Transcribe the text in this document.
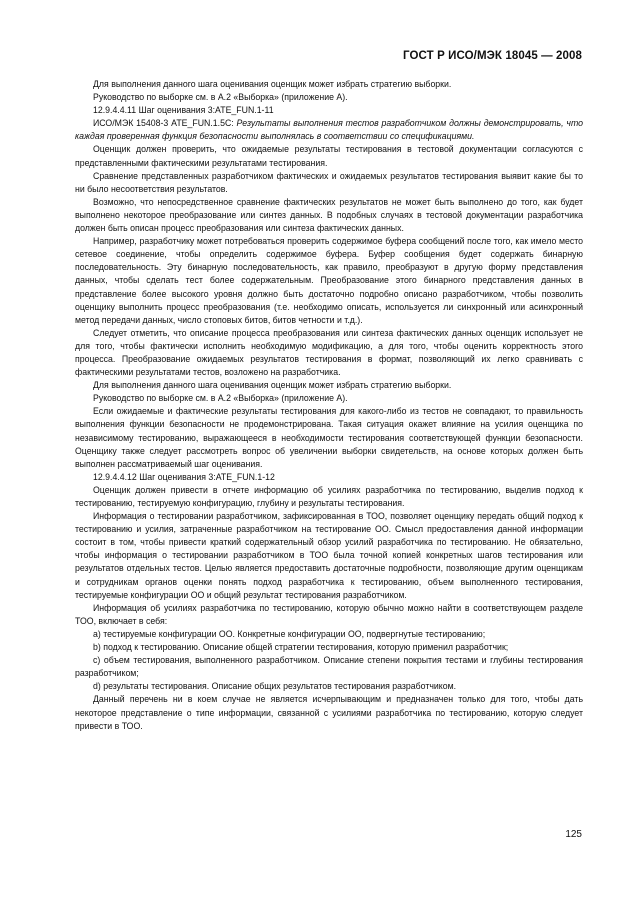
ГОСТ Р ИСО/МЭК 18045 — 2008

Для выполнения данного шага оценивания оценщик может избрать стратегию выборки.

Руководство по выборке см. в А.2 «Выборка» (приложение А).

12.9.4.4.11 Шаг оценивания 3:ATE_FUN.1-11

ИСО/МЭК 15408-3 ATE_FUN.1.5C: Результаты выполнения тестов разработчиком должны демонстрировать, что каждая проверенная функция безопасности выполнялась в соответствии со спецификациями.

Оценщик должен проверить, что ожидаемые результаты тестирования в тестовой документации согласуются с представленными фактическими результатами тестирования.

Сравнение представленных разработчиком фактических и ожидаемых результатов тестирования выявит какие бы то ни было несоответствия результатов.

Возможно, что непосредственное сравнение фактических результатов не может быть выполнено до того, как будет выполнено некоторое преобразование или синтез данных. В подобных случаях в тестовой документации разработчика должен быть описан процесс преобразования или синтеза фактических данных.

Например, разработчику может потребоваться проверить содержимое буфера сообщений после того, как имело место сетевое соединение, чтобы определить содержимое буфера. Буфер сообщения будет содержать бинарную последовательность. Эту бинарную последовательность, как правило, преобразуют в другую форму представления данных, чтобы сделать тест более содержательным. Преобразование этого бинарного представления данных в представление более высокого уровня должно быть достаточно подробно описано разработчиком, чтобы позволить оценщику выполнить процесс преобразования (т.е. необходимо описать, используется ли синхронный или асинхронный метод передачи данных, число стоповых битов, битов четности и т.д.).

Следует отметить, что описание процесса преобразования или синтеза фактических данных оценщик использует не для того, чтобы фактически исполнить необходимую модификацию, а для того, чтобы оценить корректность этого процесса. Преобразование ожидаемых результатов тестирования в формат, позволяющий их легко сравнивать с фактическими результатами тестов, возложено на разработчика.

Для выполнения данного шага оценивания оценщик может избрать стратегию выборки.

Руководство по выборке см. в А.2 «Выборка» (приложение А).

Если ожидаемые и фактические результаты тестирования для какого-либо из тестов не совпадают, то правильность выполнения функции безопасности не продемонстрирована. Такая ситуация окажет влияние на усилия оценщика по независимому тестированию, выражающееся в необходимости тестирования соответствующей функции безопасности. Оценщику также следует рассмотреть вопрос об увеличении выборки свидетельств, на основе которых должен быть выполнен рассматриваемый шаг оценивания.

12.9.4.4.12 Шаг оценивания 3:ATE_FUN.1-12

Оценщик должен привести в отчете информацию об усилиях разработчика по тестированию, выделив подход к тестированию, тестируемую конфигурацию, глубину и результаты тестирования.

Информация о тестировании разработчиком, зафиксированная в ТОО, позволяет оценщику передать общий подход к тестированию и усилия, затраченные разработчиком на тестирование ОО. Смысл предоставления данной информации состоит в том, чтобы привести краткий содержательный обзор усилий разработчика по тестированию. Не обязательно, чтобы информация о тестировании разработчиком в ТОО была точной копией конкретных шагов тестирования или результатов отдельных тестов. Целью является предоставить достаточные подробности, позволяющие другим оценщикам и сотрудникам органов оценки понять подход разработчика к тестированию, объем выполненного тестирования, тестируемые конфигурации ОО и общий результат тестирования разработчиком.

Информация об усилиях разработчика по тестированию, которую обычно можно найти в соответствующем разделе ТОО, включает в себя:

a) тестируемые конфигурации ОО. Конкретные конфигурации ОО, подвергнутые тестированию;

b) подход к тестированию. Описание общей стратегии тестирования, которую применил разработчик;

c) объем тестирования, выполненного разработчиком. Описание степени покрытия тестами и глубины тестирования разработчиком;

d) результаты тестирования. Описание общих результатов тестирования разработчиком.

Данный перечень ни в коем случае не является исчерпывающим и предназначен только для того, чтобы дать некоторое представление о типе информации, связанной с усилиями разработчика по тестированию, которую следует привести в ТОО.

125
